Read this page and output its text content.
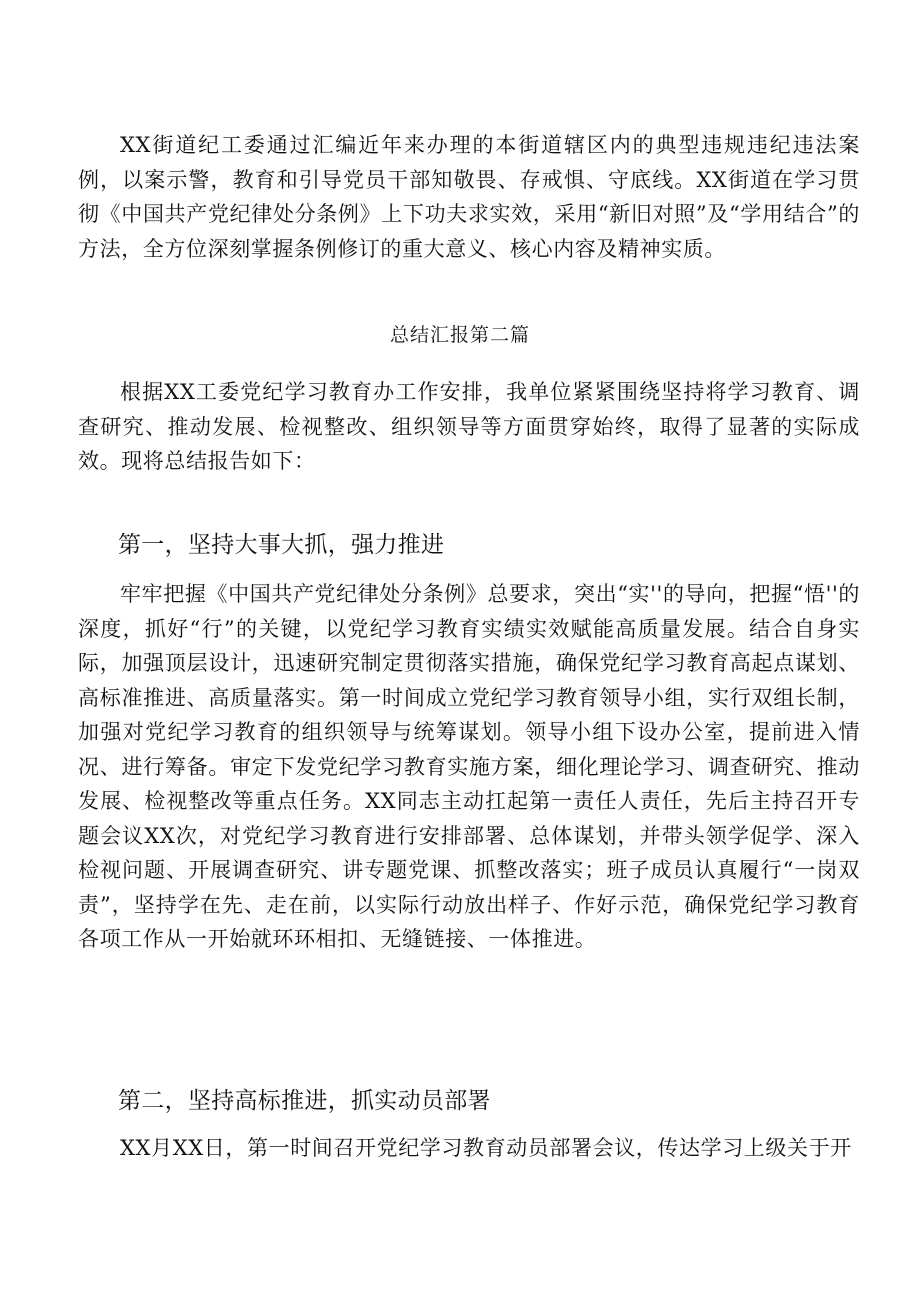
XX街道纪工委通过汇编近年来办理的本街道辖区内的典型违规违纪违法案例，以案示警，教育和引导党员干部知敬畏、存戒惧、守底线。XX街道在学习贯彻《中国共产党纪律处分条例》上下功夫求实效，采用“新旧对照”及“学用结合”的方法，全方位深刻掌握条例修订的重大意义、核心内容及精神实质。

总结汇报第二篇

根据XX工委党纪学习教育办工作安排，我单位紧紧围绕坚持将学习教育、调查研究、推动发展、检视整改、组织领导等方面贯穿始终，取得了显著的实际成效。现将总结报告如下：

第一，坚持大事大抓，强力推进

牢牢把握《中国共产党纪律处分条例》总要求，突出“实''的导向，把握“悟''的深度，抓好“行”的关键，以党纪学习教育实绩实效赋能高质量发展。结合自身实际，加强顶层设计，迅速研究制定贯彻落实措施，确保党纪学习教育高起点谋划、高标准推进、高质量落实。第一时间成立党纪学习教育领导小组，实行双组长制，加强对党纪学习教育的组织领导与统筹谋划。领导小组下设办公室，提前进入情况、进行筹备。审定下发党纪学习教育实施方案，细化理论学习、调查研究、推动发展、检视整改等重点任务。XX同志主动扛起第一责任人责任，先后主持召开专题会议XX次，对党纪学习教育进行安排部署、总体谋划，并带头领学促学、深入检视问题、开展调查研究、讲专题党课、抓整改落实；班子成员认真履行“一岗双责”，坚持学在先、走在前，以实际行动放出样子、作好示范，确保党纪学习教育各项工作从一开始就环环相扣、无缝链接、一体推进。

第二，坚持高标推进，抓实动员部署

XX月XX日，第一时间召开党纪学习教育动员部署会议，传达学习上级关于开
